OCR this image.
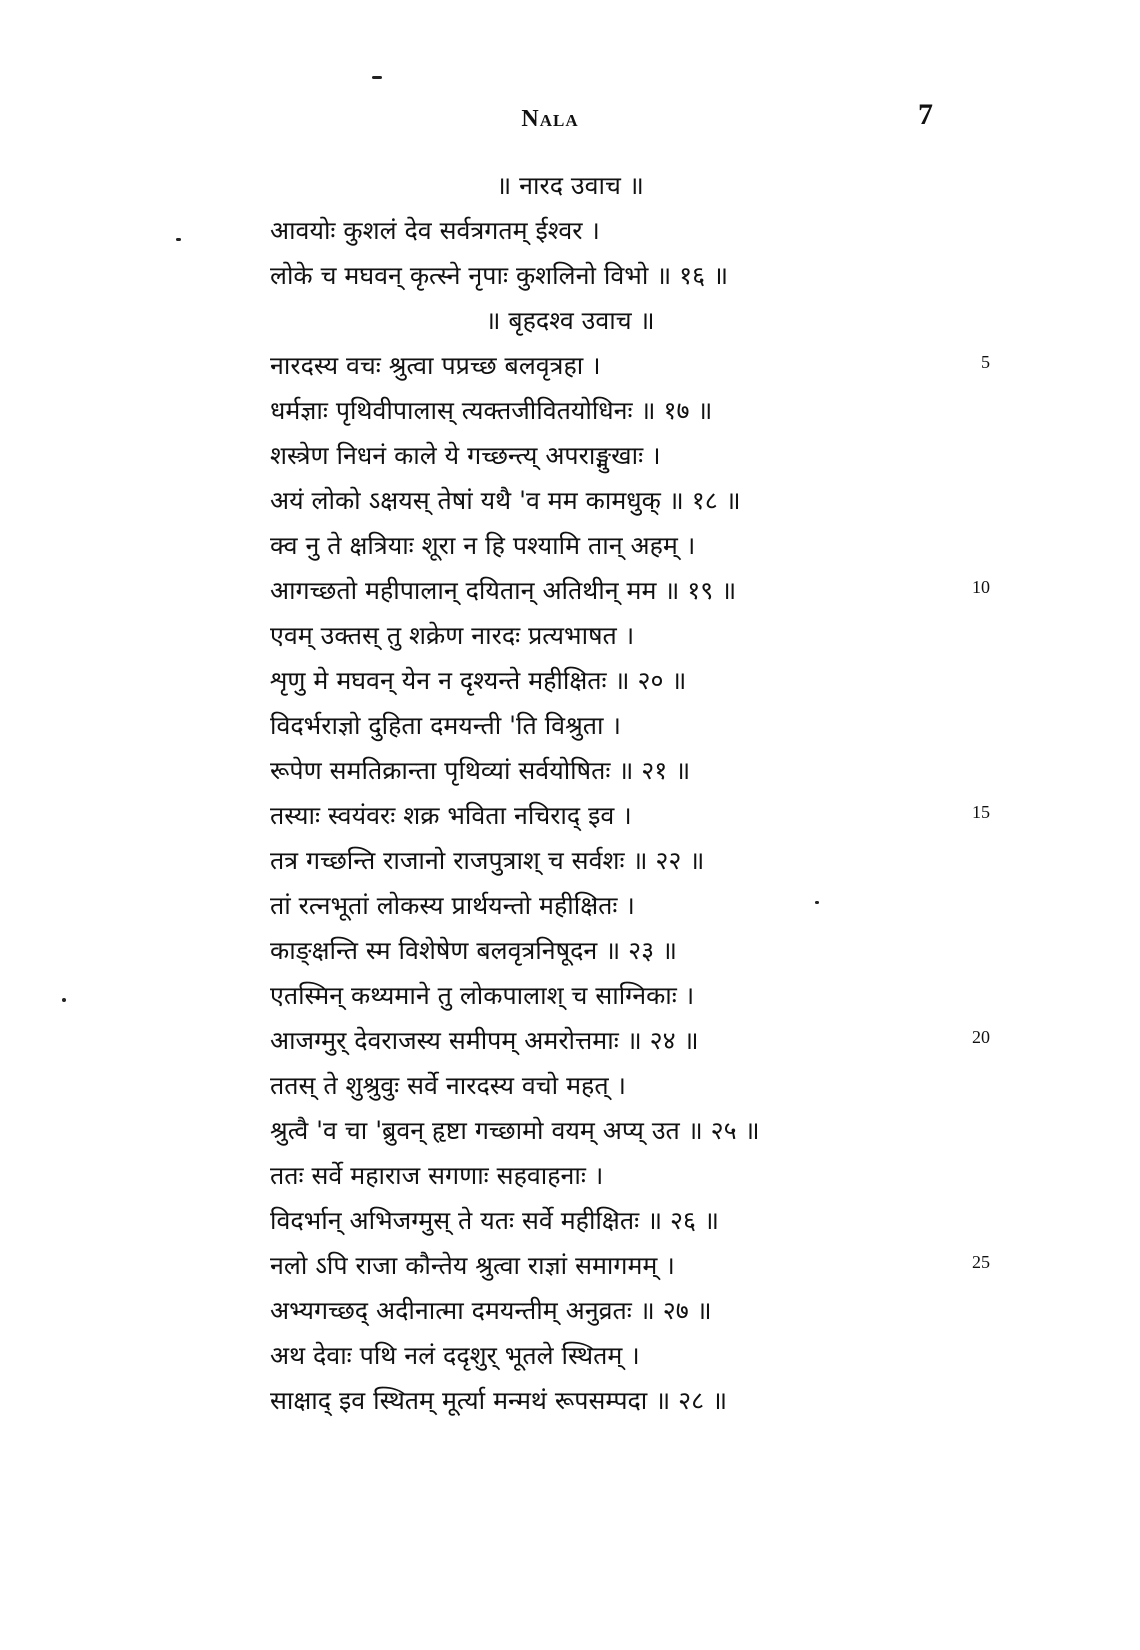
Nala	7
॥ नारद उवाच ॥
आवयोः कुशलं देव सर्वत्रगतम् ईश्वर ।
लोके च मघवन् कृत्स्ने नृपाः कुशलिनो विभो ॥ १६ ॥
॥ बृहदश्व उवाच ॥
नारदस्य वचः श्रुत्वा पप्रच्छ बलवृत्रहा ।
धर्मज्ञाः पृथिवीपालास् त्यक्तजीवितयोधिनः ॥ १७ ॥
शस्त्रेण निधनं काले ये गच्छन्त्य् अपराङ्मुखाः ।
अयं लोको ऽक्षयस् तेषां यथै 'व मम कामधुक् ॥ १८ ॥
क्व नु ते क्षत्रियाः शूरा न हि पश्यामि तान् अहम् ।
आगच्छतो महीपालान् दयितान् अतिथीन् मम ॥ १९ ॥
एवम् उक्तस् तु शक्रेण नारदः प्रत्यभाषत ।
शृणु मे मघवन् येन न दृश्यन्ते महीक्षितः ॥ २० ॥
विदर्भराज्ञो दुहिता दमयन्ती 'ति विश्रुता ।
रूपेण समतिक्रान्ता पृथिव्यां सर्वयोषितः ॥ २१ ॥
तस्याः स्वयंवरः शक्र भविता नचिराद् इव ।
तत्र गच्छन्ति राजानो राजपुत्राश् च सर्वशः ॥ २२ ॥
तां रत्नभूतां लोकस्य प्रार्थयन्तो महीक्षितः ।
काङ्क्षन्ति स्म विशेषेण बलवृत्रनिषूदन ॥ २३ ॥
एतस्मिन् कथ्यमाने तु लोकपालाश् च साग्निकाः ।
आजग्मुर् देवराजस्य समीपम् अमरोत्तमाः ॥ २४ ॥
ततस् ते शुश्रुवुः सर्वे नारदस्य वचो महत् ।
श्रुत्वै 'व चा 'ब्रुवन् हृष्टा गच्छामो वयम् अप्य् उत ॥ २५ ॥
ततः सर्वे महाराज सगणाः सहवाहनाः ।
विदर्भान् अभिजग्मुस् ते यतः सर्वे महीक्षितः ॥ २६ ॥
नलो ऽपि राजा कौन्तेय श्रुत्वा राज्ञां समागमम् ।
अभ्यगच्छद् अदीनात्मा दमयन्तीम् अनुव्रतः ॥ २७ ॥
अथ देवाः पथि नलं ददृशुर् भूतले स्थितम् ।
साक्षाद् इव स्थितम् मूर्त्या मन्मथं रूपसम्पदा ॥ २८ ॥
5
10
15
20
25
